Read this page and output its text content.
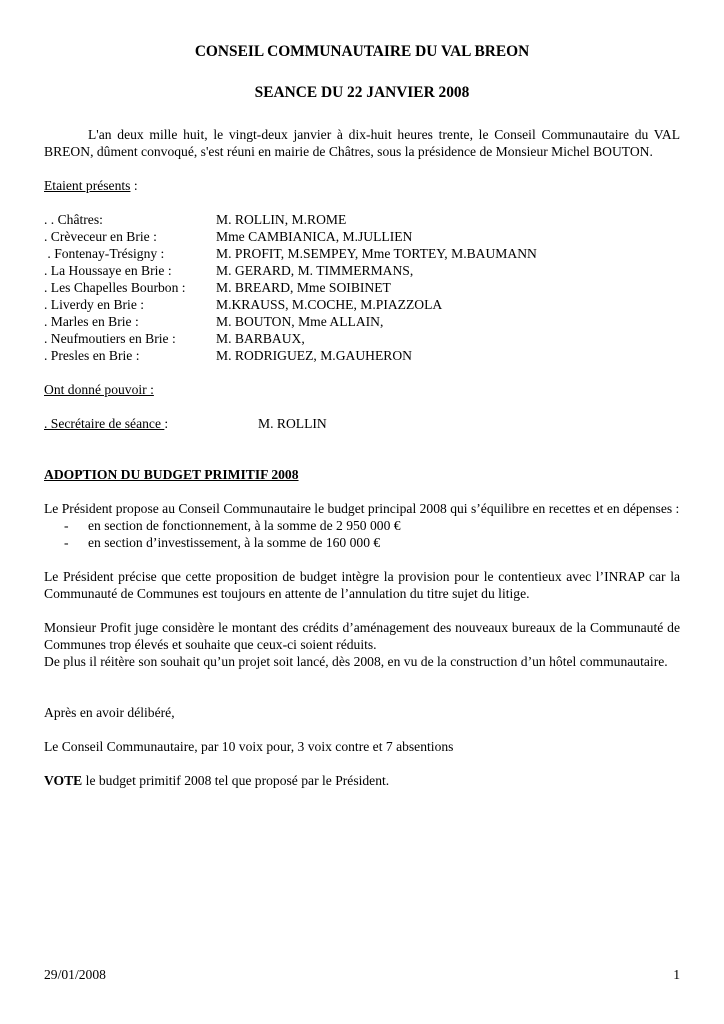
CONSEIL COMMUNAUTAIRE DU VAL BREON
SEANCE DU 22 JANVIER 2008

L'an deux mille huit, le vingt-deux janvier à dix-huit heures trente, le Conseil Communautaire du VAL BREON, dûment convoqué, s'est réuni en mairie de Châtres, sous la présidence de Monsieur Michel BOUTON.

Etaient présents :
. . Châtres:	M. ROLLIN, M.ROME
. Crèveceur en Brie :	Mme CAMBIANICA, M.JULLIEN
. Fontenay-Trésigny :	M. PROFIT, M.SEMPEY, Mme TORTEY, M.BAUMANN
. La Houssaye en Brie :	M. GERARD, M. TIMMERMANS,
. Les Chapelles Bourbon :	M. BREARD, Mme SOIBINET
. Liverdy en Brie :	M.KRAUSS, M.COCHE, M.PIAZZOLA
. Marles en Brie :	M. BOUTON, Mme ALLAIN,
. Neufmoutiers en Brie :	M. BARBAUX,
. Presles en Brie :	M. RODRIGUEZ, M.GAUHERON
Ont donné pouvoir :
. Secrétaire de séance :	M. ROLLIN
ADOPTION DU BUDGET PRIMITIF 2008

Le Président propose au Conseil Communautaire le budget principal 2008 qui s’équilibre en recettes et en dépenses :

-	en section de fonctionnement, à la somme de 2 950 000 €
-	en section d’investissement, à la somme de 160 000 €

Le Président précise que cette proposition de budget intègre la provision pour le contentieux avec l’INRAP car la Communauté de Communes est toujours en attente de l’annulation du titre sujet du litige.

Monsieur Profit juge considère le montant des crédits d’aménagement des nouveaux bureaux de la Communauté de Communes trop élevés et souhaite que ceux-ci soient réduits.

De plus il réitère son souhait qu’un projet soit lancé, dès 2008, en vu de la construction d’un hôtel communautaire.

Après en avoir délibéré,

Le Conseil Communautaire, par 10 voix pour, 3 voix contre et 7 absentions

VOTE le budget primitif 2008 tel que proposé par le Président.

29/01/2008	1
